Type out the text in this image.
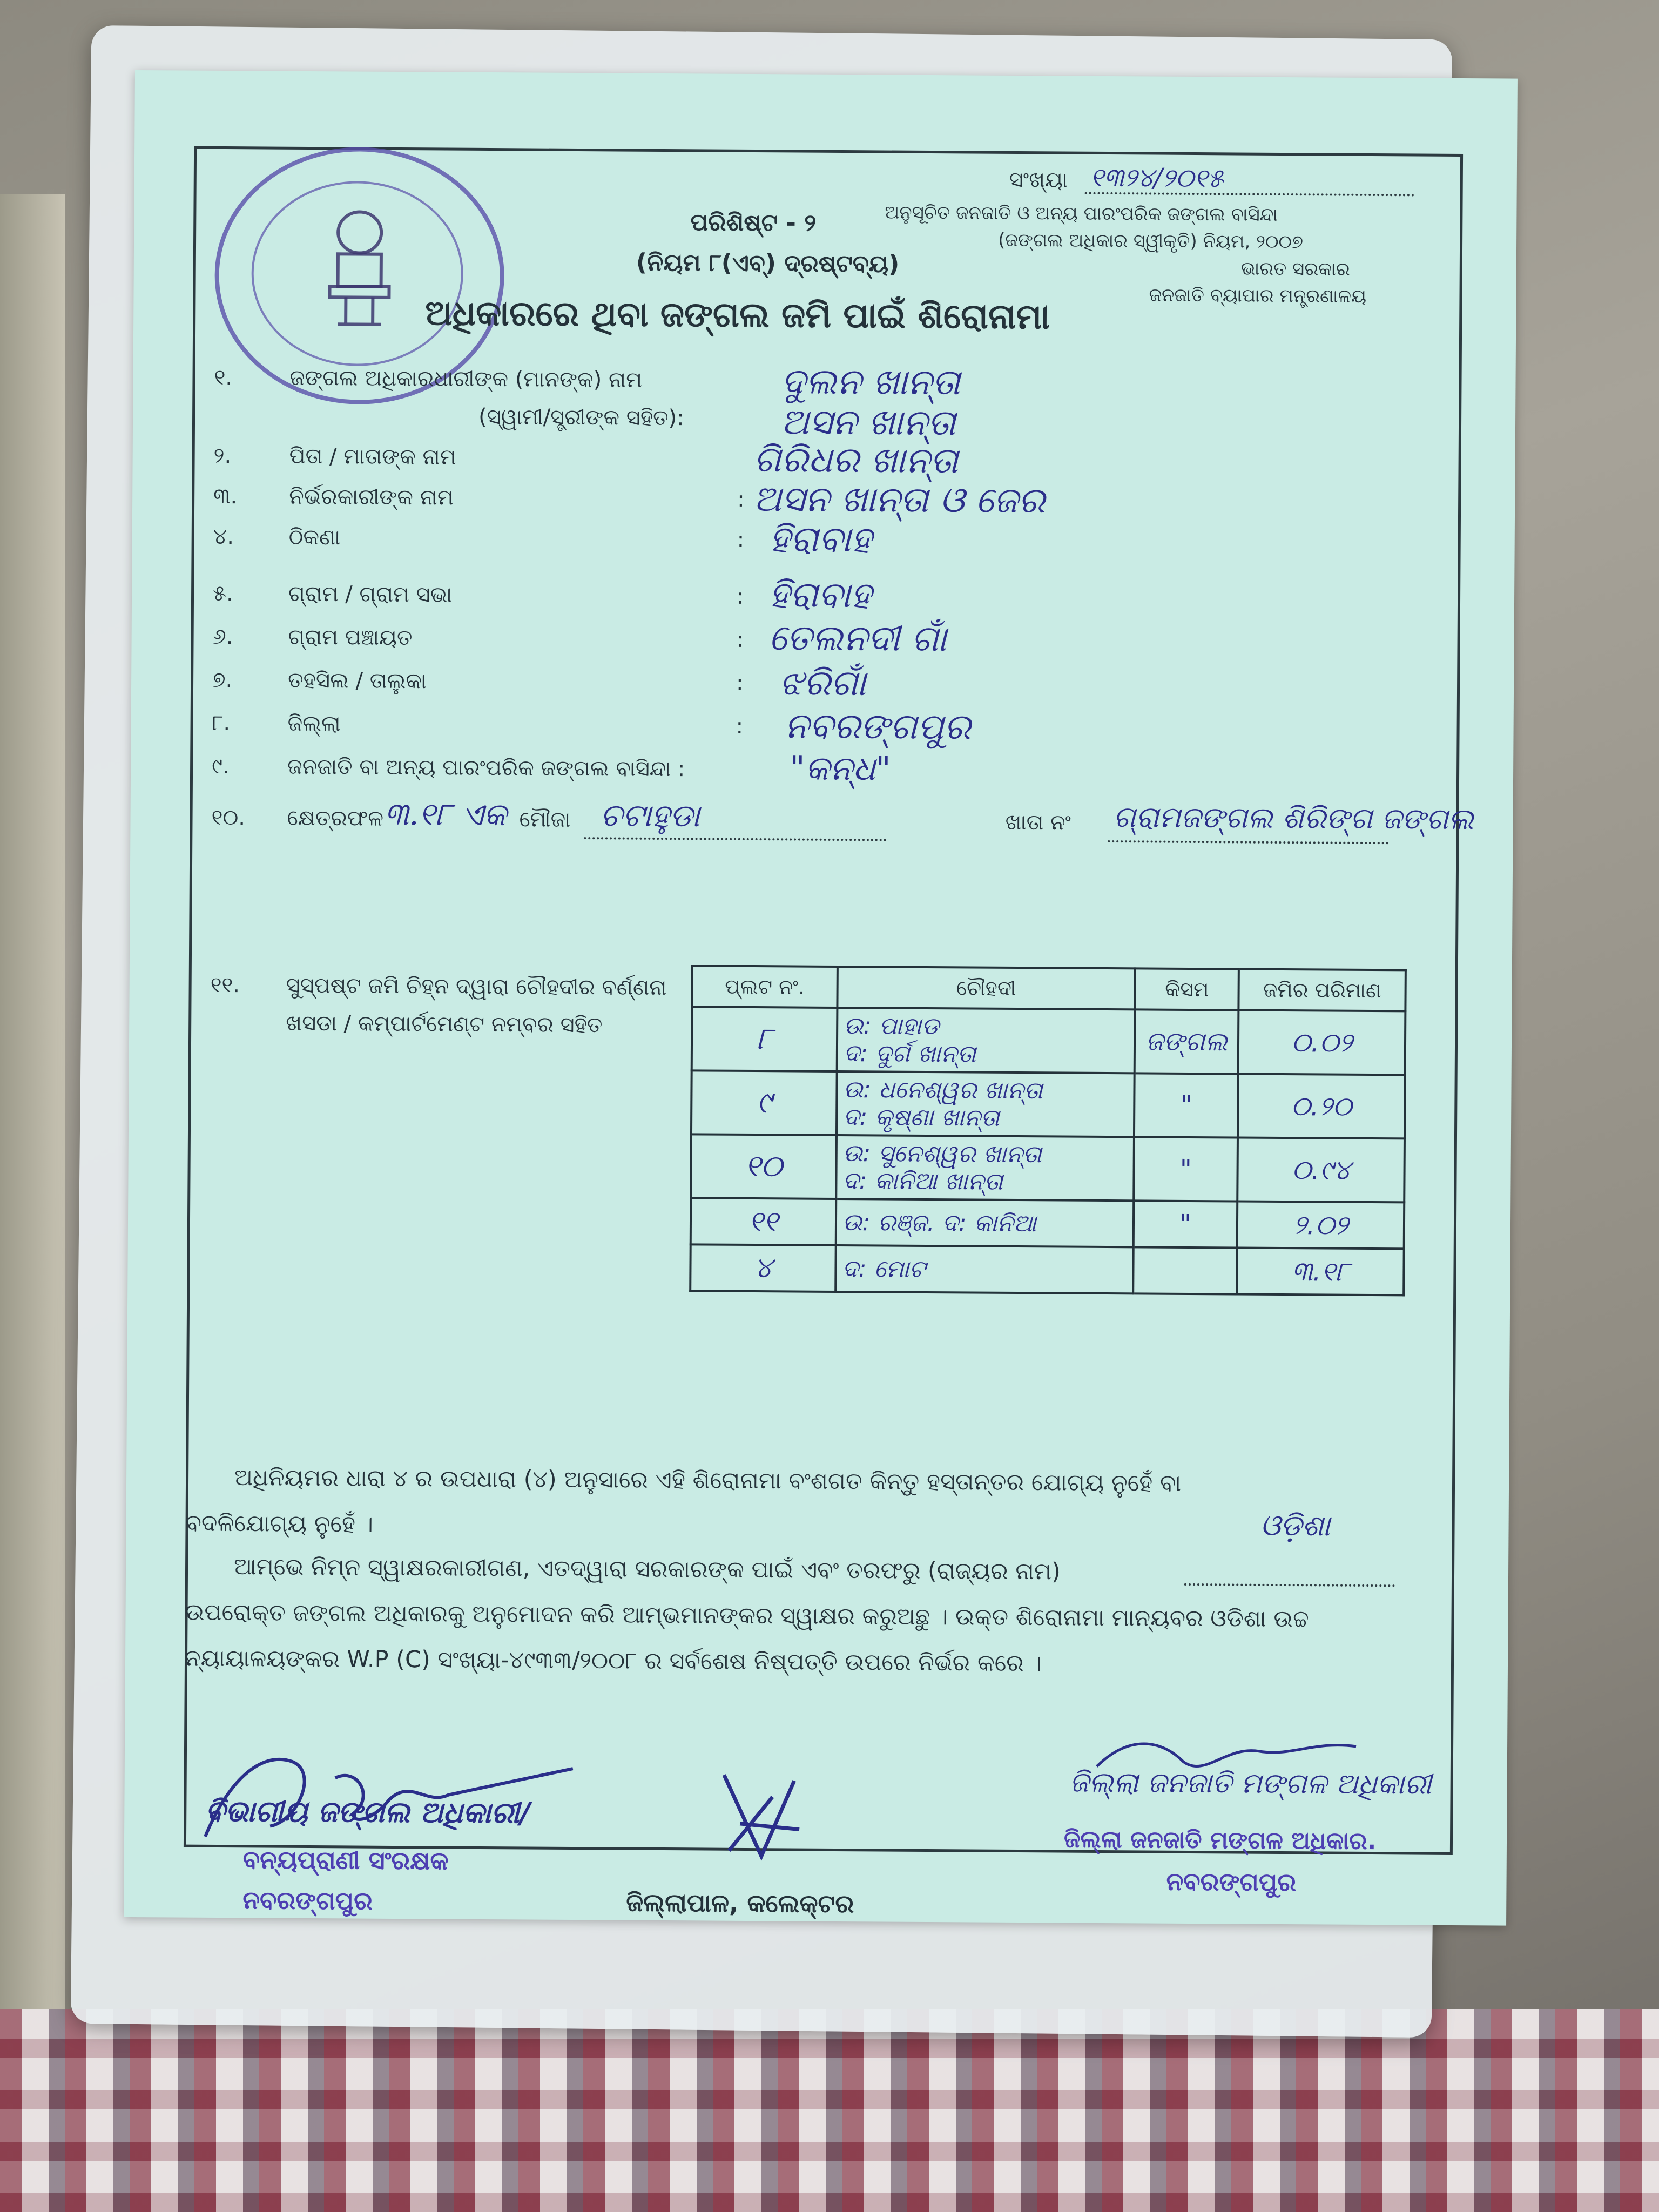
ସଂଖ୍ୟା ୧୩୨୪/୨୦୧୫
ଅନୁସୂଚିତ ଜନଜାତି ଓ ଅନ୍ୟ ପାରଂପରିକ ଜଙ୍ଗଲ ବାସିନ୍ଦା
(ଜଙ୍ଗଲ ଅଧିକାର ସ୍ୱୀକୃତି) ନିୟମ, ୨୦୦୭
ଭାରତ ସରକାର
ଜନଜାତି ବ୍ୟାପାର ମନ୍ତ୍ରଣାଳୟ
ପରିଶିଷ୍ଟ - ୨
(ନିୟମ ୮(ଏବ୍) ଦ୍ରଷ୍ଟବ୍ୟ)
ଅଧିକାରରେ ଥିବା ଜଙ୍ଗଲ ଜମି ପାଇଁ ଶିରୋନାମା
୧.	ଜଙ୍ଗଲ ଅଧିକାରଧାରୀଙ୍କ (ମାନଙ୍କ) ନାମ
(ସ୍ୱାମୀ/ସ୍ତ୍ରୀଙ୍କ ସହିତ):
ଦୁଲନ ଖାନ୍ତା
ଅସନ ଖାନ୍ତା
୨.	ପିତା / ମାତାଙ୍କ ନାମ	ଗିରିଧର ଖାନ୍ତା
୩. ନିର୍ଭରକାରୀଙ୍କ ନାମ	: ଅସନ ଖାନ୍ତା ଓ ଜେର
୪.	ଠିକଣା	: ହିରାବାହ
୫.	ଗ୍ରାମ / ଗ୍ରାମ ସଭା	: ହିରାବାହ
୬.	ଗ୍ରାମ ପଞ୍ଚାୟତ	: ତେଲନଦୀ ଗାଁ
୭.	ତହସିଲ / ତାଲୁକା	: ଝରିଗାଁ
୮.	ଜିଲ୍ଲା	: ନବରଙ୍ଗପୁର
୯.	ଜନଜାତି ବା ଅନ୍ୟ ପାରଂପରିକ ଜଙ୍ଗଲ ବାସିନ୍ଦା :	"କନ୍ଧ"
୧୦. କ୍ଷେତ୍ରଫଳ ୩.୧୮ ଏକ ମୌଜା ଚଟାହୁଡା	ଖାତା ନଂ ଗ୍ରାମଜଙ୍ଗଲ ଶିରିଙ୍ଗ ଜଙ୍ଗଲ
୧୧. ସୁସ୍ପଷ୍ଟ ଜମି ଚିହ୍ନ ଦ୍ୱାରା ଚୌହଦୀର ବର୍ଣ୍ଣନା
ଖସଡା / କମ୍ପାର୍ଟମେଣ୍ଟ ନମ୍ବର ସହିତ
ପ୍ଲଟ ନଂ.	ଚୌହଦୀ	କିସମ	ଜମିର ପରିମାଣ
୮	ଉ: ପାହାଡ
ଦ: ଦୁର୍ଗ ଖାନ୍ତା	ଜଙ୍ଗଲ	୦.୦୨
୯	ଉ: ଧନେଶ୍ୱର ଖାନ୍ତା
ଦ: କୃଷ୍ଣା ଖାନ୍ତା	"	୦.୨୦
୧୦	ଉ: ସୁନେଶ୍ୱର ଖାନ୍ତା
ଦ: କାନିଆ ଖାନ୍ତା	"	୦.୯୪
୧୧	ଉ: ରଞ୍ଜ. ଦ: କାନିଆ	"	୨.୦୨
୪	ଦ: ମୋଟ		୩.୧୮
ଅଧିନିୟମର ଧାରା ୪ ର ଉପଧାରା (୪) ଅନୁସାରେ ଏହି ଶିରୋନାମା ବଂଶଗତ କିନ୍ତୁ ହସ୍ତାନ୍ତର ଯୋଗ୍ୟ ନୁହେଁ ବା
ବଦଳିଯୋଗ୍ୟ ନୁହେଁ ।	ଓଡ଼ିଶା
ଆମ୍ଭେ ନିମ୍ନ ସ୍ୱାକ୍ଷରକାରୀଗଣ, ଏତଦ୍ୱାରା ସରକାରଙ୍କ ପାଇଁ ଏବଂ ତରଫରୁ (ରାଜ୍ୟର ନାମ)
ଉପରୋକ୍ତ ଜଙ୍ଗଲ ଅଧିକାରକୁ ଅନୁମୋଦନ କରି ଆମ୍ଭମାନଙ୍କର ସ୍ୱାକ୍ଷର କରୁଅଛୁ । ଉକ୍ତ ଶିରୋନାମା ମାନ୍ୟବର ଓଡିଶା ଉଚ୍ଚ
ନ୍ୟାୟାଳୟଙ୍କର W.P (C) ସଂଖ୍ୟା-୪୯୩୩/୨୦୦୮ ର ସର୍ବଶେଷ ନିଷ୍ପତ୍ତି ଉପରେ ନିର୍ଭର କରେ ।
ବିଭାଗୀୟ ଜଙ୍ଗଲ ଅଧିକାରୀ/
ବନ୍ୟପ୍ରାଣୀ ସଂରକ୍ଷକ
ନବରଙ୍ଗପୁର	ଜିଲ୍ଲାପାଳ, କଲେକ୍ଟର
ଜିଲ୍ଲା ଜନଜାତି ମଙ୍ଗଳ ଅଧିକାରୀ
ଜିଲ୍ଲା ଜନଜାତି ମଙ୍ଗଳ ଅଧିକାର.
ନବରଙ୍ଗପୁର
